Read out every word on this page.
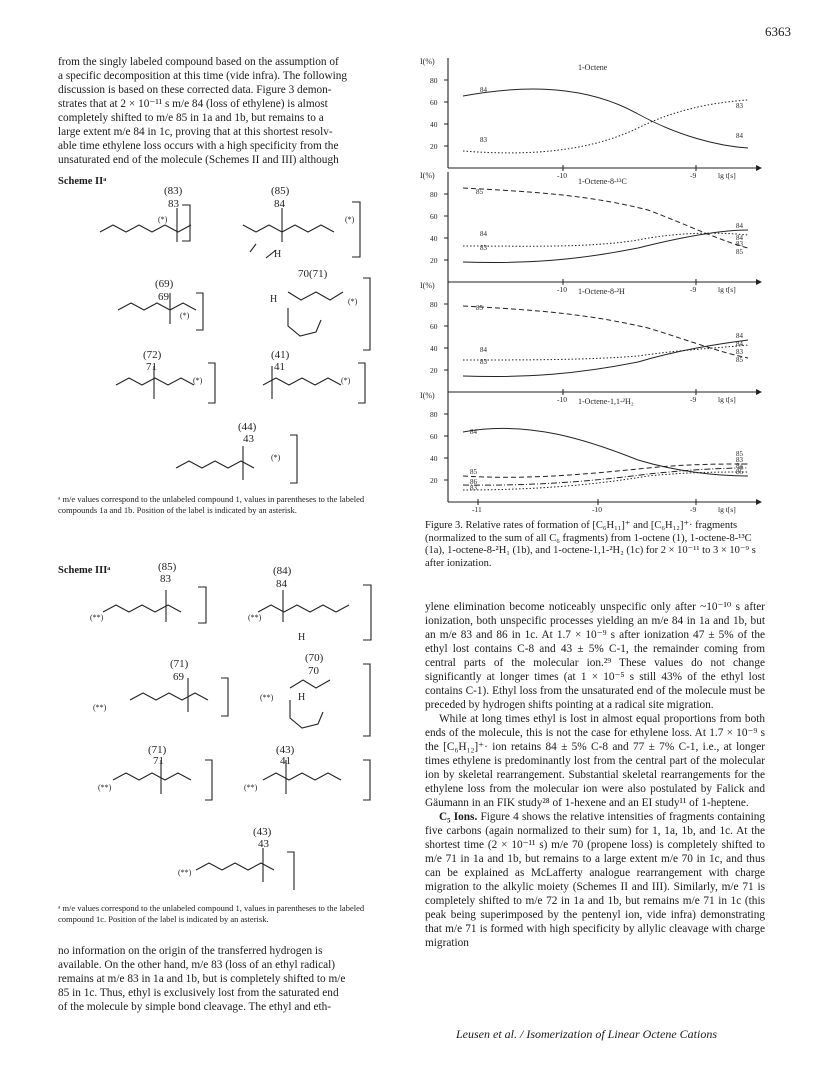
6363

from the singly labeled compound based on the assumption of

a specific decomposition at this time (vide infra). The following

discussion is based on these corrected data. Figure 3 demon-

strates that at 2 × 10⁻¹¹ s m/e 84 (loss of ethylene) is almost

completely shifted to m/e 85 in 1a and 1b, but remains to a

large extent m/e 84 in 1c, proving that at this shortest resolv-

able time ethylene loss occurs with a high specificity from the

unsaturated end of the molecule (Schemes II and III) although

Scheme IIᵃ
(83)
83
(85)
84
70(71)
(69)
69
(72)
71
(41)
41
(44)
43
(*)	(*)
(*)
(*)
(*)	(*)
(*)
H
H
ᵃ m/e values correspond to the unlabeled compound 1, values in parentheses to the labeled compounds 1a and 1b. Position of the label is indicated by an asterisk.
Scheme IIIᵃ	(85)
83
(84)
84
(71)
69
(70)
70
(71)
71
(43)
41
(43)
43
(**)	(**)
(**)
(**)
(**)	(**)
(**)
H
H
ᵃ m/e values correspond to the unlabeled compound 1, values in parentheses to the labeled compound 1c. Position of the label is indicated by an asterisk.

no information on the origin of the transferred hydrogen is

available. On the other hand, m/e 83 (loss of an ethyl radical)

remains at m/e 83 in 1a and 1b, but is completely shifted to m/e

85 in 1c. Thus, ethyl is exclusively lost from the saturated end

of the molecule by simple bond cleavage. The ethyl and eth-

I(%)
1-Octene
80
60
40
20
-10	-9	lg t[s]
84
83
83
84
I(%)
1-Octene-8-¹³C
80
60
40
20
-10	-9	lg t[s]
85
84
83
84
83
85
84
I(%)
1-Octene-8-²H
80
60
40
20
-10	-9	lg t[s]
85
84
83
84
83
85
84
I(%)
1-Octene-1,1-²H₂
80
60
40
20
-11	-10	-9	lg t[s]
84
85
86
83
85
83
84
86
Figure 3. Relative rates of formation of [C₆H₁₁]⁺ and [C₆H₁₂]⁺· fragments (normalized to the sum of all C₆ fragments) from 1-octene (1), 1-octene-8-¹³C (1a), 1-octene-8-²H₁ (1b), and 1-octene-1,1-²H₂ (1c) for 2 × 10⁻¹¹ to 3 × 10⁻⁹ s after ionization.

ylene elimination become noticeably unspecific only after ~10⁻¹⁰ s after ionization, both unspecific processes yielding an m/e 84 in 1a and 1b, but an m/e 83 and 86 in 1c. At 1.7 × 10⁻⁹ s after ionization 47 ± 5% of the ethyl lost contains C-8 and 43 ± 5% C-1, the remainder coming from central parts of the molecular ion.²⁹ These values do not change significantly at longer times (at 1 × 10⁻⁵ s still 43% of the ethyl lost contains C-1). Ethyl loss from the unsaturated end of the molecule must be preceded by hydrogen shifts pointing at a radical site migration.

While at long times ethyl is lost in almost equal proportions from both ends of the molecule, this is not the case for ethylene loss. At 1.7 × 10⁻⁹ s the [C₆H₁₂]⁺· ion retains 84 ± 5% C-8 and 77 ± 7% C-1, i.e., at longer times ethylene is predominantly lost from the central part of the molecular ion by skeletal rearrangement. Substantial skeletal rearrangements for the ethylene loss from the molecular ion were also postulated by Falick and Gäumann in an FIK study²⁸ of 1-hexene and an EI study¹¹ of 1-heptene.

C₅ Ions. Figure 4 shows the relative intensities of fragments containing five carbons (again normalized to their sum) for 1, 1a, 1b, and 1c. At the shortest time (2 × 10⁻¹¹ s) m/e 70 (propene loss) is completely shifted to m/e 71 in 1a and 1b, but remains to a large extent m/e 70 in 1c, and thus can be explained as McLafferty analogue rearrangement with charge migration to the alkylic moiety (Schemes II and III). Similarly, m/e 71 is completely shifted to m/e 72 in 1a and 1b, but remains m/e 71 in 1c (this peak being superimposed by the pentenyl ion, vide infra) demonstrating that m/e 71 is formed with high specificity by allylic cleavage with charge migration

Leusen et al. / Isomerization of Linear Octene Cations
